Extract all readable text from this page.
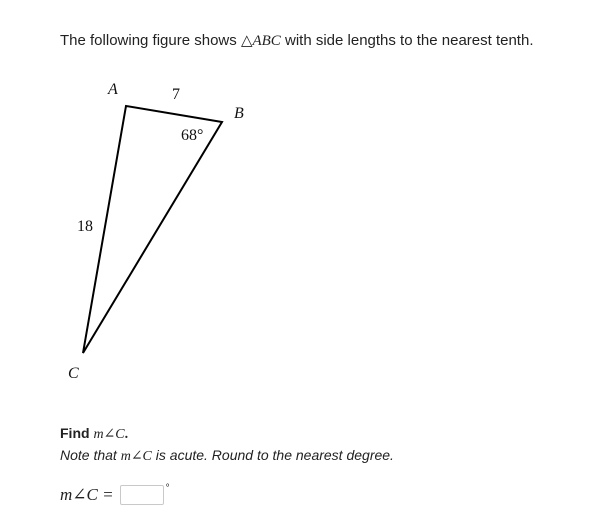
The following figure shows △ABC with side lengths to the nearest tenth.
A
B
C
7
18
68°
Find m∠C.
Note that m∠C is acute. Round to the nearest degree.
m∠C =	°
